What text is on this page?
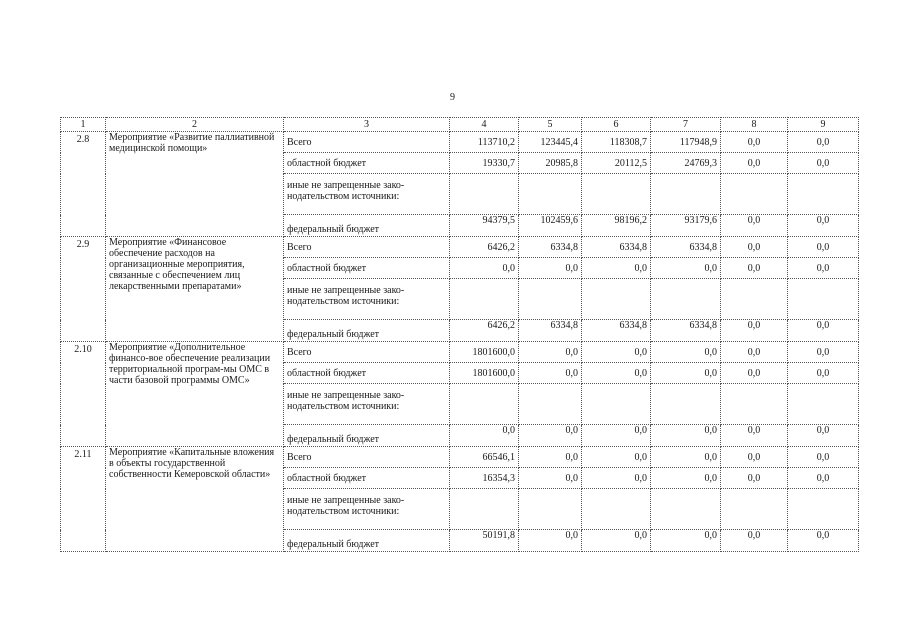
9
1	2	3	4	5	6	7	8	9
2.8	Мероприятие «Развитие паллиативной медицинской помощи»	Всего	113710,2	123445,4	118308,7	117948,9	0,0	0,0
		областной бюджет	19330,7	20985,8	20112,5	24769,3	0,0	0,0
		иные не запрещенные зако-нодательством источники:						
		федеральный бюджет	94379,5	102459,6	98196,2	93179,6	0,0	0,0
2.9	Мероприятие «Финансовое обеспечение расходов на организационные мероприятия, связанные с обеспечением лиц лекарственными препаратами»	Всего	6426,2	6334,8	6334,8	6334,8	0,0	0,0
		областной бюджет	0,0	0,0	0,0	0,0	0,0	0,0
		иные не запрещенные зако-нодательством источники:						
		федеральный бюджет	6426,2	6334,8	6334,8	6334,8	0,0	0,0
2.10	Мероприятие «Дополнительное финансо-вое обеспечение реализации территориальной програм-мы ОМС в части базовой программы ОМС»	Всего	1801600,0	0,0	0,0	0,0	0,0	0,0
		областной бюджет	1801600,0	0,0	0,0	0,0	0,0	0,0
		иные не запрещенные зако-нодательством источники:						
		федеральный бюджет	0,0	0,0	0,0	0,0	0,0	0,0
2.11	Мероприятие «Капитальные вложения в объекты государственной собственности Кемеровской области»	Всего	66546,1	0,0	0,0	0,0	0,0	0,0
		областной бюджет	16354,3	0,0	0,0	0,0	0,0	0,0
		иные не запрещенные зако-нодательством источники:						
		федеральный бюджет	50191,8	0,0	0,0	0,0	0,0	0,0
